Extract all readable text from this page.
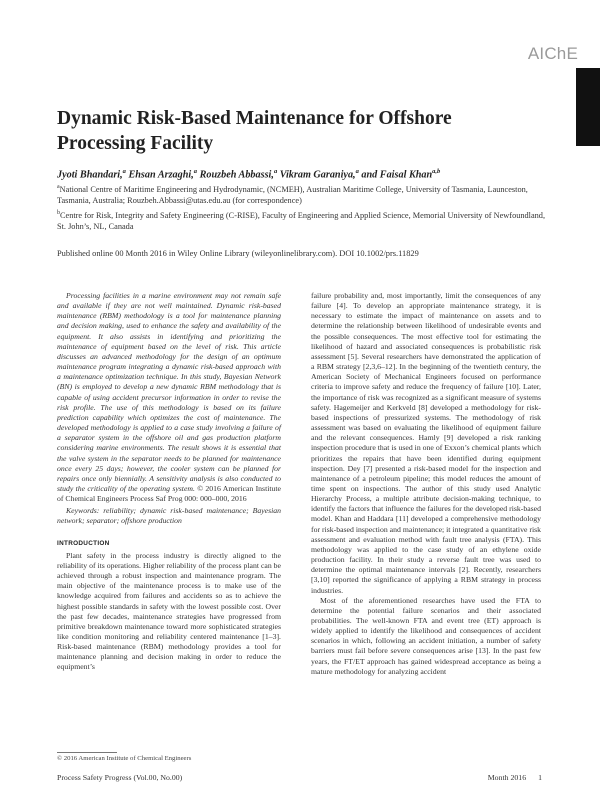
AIChE
Dynamic Risk-Based Maintenance for Offshore Processing Facility
Jyoti Bhandari,$^a$ Ehsan Arzaghi,$^a$ Rouzbeh Abbassi,$^a$ Vikram Garaniya,$^a$ and Faisal Khan$^{a,b}$

$^a$National Centre of Maritime Engineering and Hydrodynamic, (NCMEH), Australian Maritime College, University of Tasmania, Launceston, Tasmania, Australia; Rouzbeh.Abbassi@utas.edu.au (for correspondence)

$^b$Centre for Risk, Integrity and Safety Engineering (C-RISE), Faculty of Engineering and Applied Science, Memorial University of Newfoundland, St. John’s, NL, Canada

Published online 00 Month 2016 in Wiley Online Library (wileyonlinelibrary.com). DOI 10.1002/prs.11829

Processing facilities in a marine environment may not remain safe and available if they are not well maintained. Dynamic risk-based maintenance (RBM) methodology is a tool for maintenance planning and decision making, used to enhance the safety and availability of the equipment. It also assists in identifying and prioritizing the maintenance of equipment based on the level of risk. This article discusses an advanced methodology for the design of an optimum maintenance program integrating a dynamic risk-based approach with a maintenance optimization technique. In this study, Bayesian Network (BN) is employed to develop a new dynamic RBM methodology that is capable of using accident precursor information in order to revise the risk profile. The use of this methodology is based on its failure prediction capability which optimizes the cost of maintenance. The developed methodology is applied to a case study involving a failure of a separator system in the offshore oil and gas production platform considering marine environments. The result shows it is essential that the valve system in the separator needs to be planned for maintenance once every 25 days; however, the cooler system can be planned for repairs once only biennially. A sensitivity analysis is also conducted to study the criticality of the operating system. © 2016 American Institute of Chemical Engineers Process Saf Prog 000: 000–000, 2016

Keywords: reliability; dynamic risk-based maintenance; Bayesian network; separator; offshore production

INTRODUCTION

Plant safety in the process industry is directly aligned to the reliability of its operations. Higher reliability of the process plant can be achieved through a robust inspection and maintenance program. The main objective of the maintenance process is to make use of the knowledge acquired from failures and accidents so as to achieve the highest possible standards in safety with the lowest possible cost. Over the past few decades, maintenance strategies have progressed from primitive breakdown maintenance toward more sophisticated strategies like condition monitoring and reliability centered maintenance [1–3]. Risk-based maintenance (RBM) methodology provides a tool for maintenance planning and decision making in order to reduce the equipment’s

failure probability and, most importantly, limit the consequences of any failure [4]. To develop an appropriate maintenance strategy, it is necessary to estimate the impact of maintenance on assets and to determine the relationship between likelihood of undesirable events and the possible consequences. The most effective tool for estimating the likelihood of hazard and associated consequences is probabilistic risk assessment [5]. Several researchers have demonstrated the application of a RBM strategy [2,3,6–12]. In the beginning of the twentieth century, the American Society of Mechanical Engineers focused on performance criteria to improve safety and reduce the frequency of failure [10]. Later, the importance of risk was recognized as a significant measure of systems safety. Hagemeijer and Kerkveld [8] developed a methodology for risk-based inspections of pressurized systems. The methodology of risk assessment was based on evaluating the likelihood of equipment failure and the relevant consequences. Hamly [9] developed a risk ranking inspection procedure that is used in one of Exxon’s chemical plants which prioritizes the repairs that have been identified during equipment inspection. Dey [7] presented a risk-based model for the inspection and maintenance of a petroleum pipeline; this model reduces the amount of time spent on inspections. The author of this study used Analytic Hierarchy Process, a multiple attribute decision-making technique, to identify the factors that influence the failures for the developed risk-based model. Khan and Haddara [11] developed a comprehensive methodology for risk-based inspection and maintenance; it integrated a quantitative risk assessment and evaluation method with fault tree analysis (FTA). This methodology was applied to the case study of an ethylene oxide production facility. In their study a reverse fault tree was used to determine the optimal maintenance intervals [2]. Recently, researchers [3,10] reported the significance of applying a RBM strategy in process industries.

Most of the aforementioned researches have used the FTA to determine the potential failure scenarios and their associated probabilities. The well-known FTA and event tree (ET) approach is widely applied to identify the likelihood and consequences of accident scenarios in which, following an accident initiation, a number of safety barriers must fail before severe consequences arise [13]. In the past few years, the FT/ET approach has gained widespread acceptance as being a mature methodology for analyzing accident

© 2016 American Institute of Chemical Engineers
Process Safety Progress (Vol.00, No.00)	Month 2016 1
